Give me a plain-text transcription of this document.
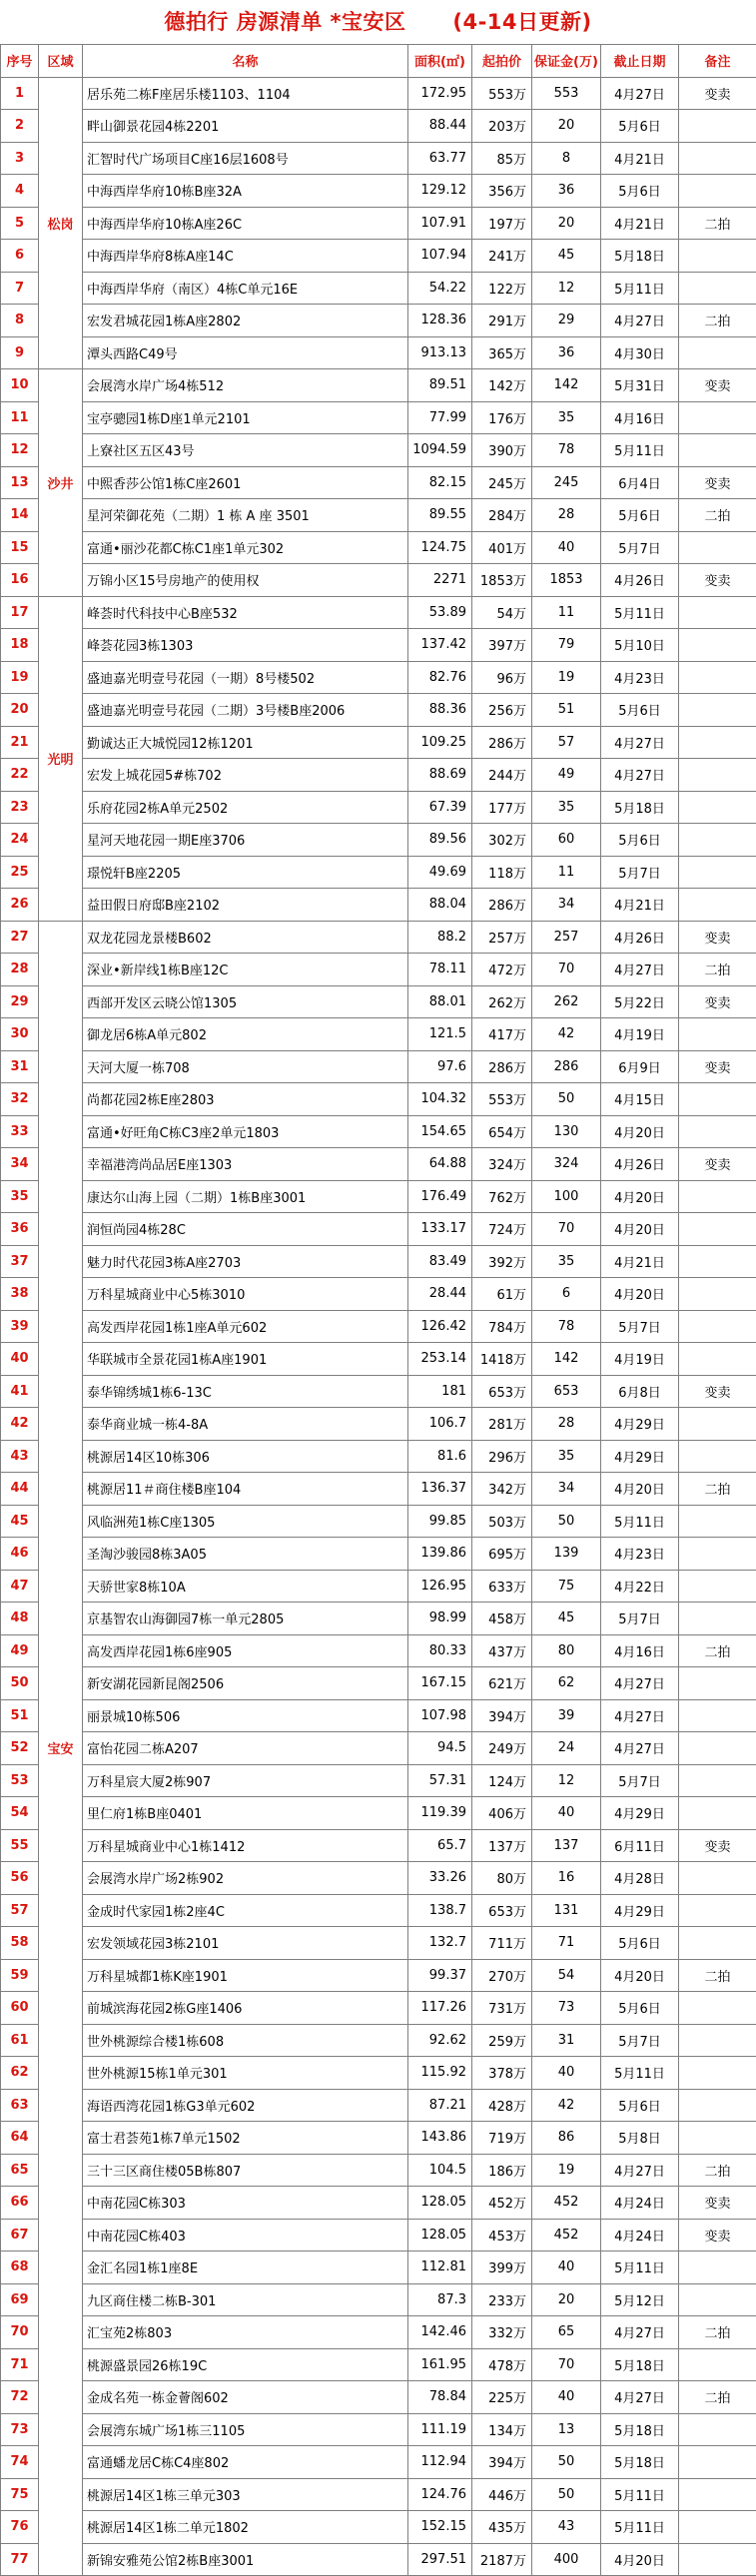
德拍行 房源清单 *宝安区      (4-14日更新)
序号	区域	名称	面积(㎡)	起拍价	保证金(万)	截止日期	备注
1	松岗	居乐苑二栋F座居乐楼1103、1104	172.95	553万	553	4月27日	变卖
2		畔山御景花园4栋2201	88.44	203万	20	5月6日	
3		汇智时代广场项目C座16层1608号	63.77	85万	8	4月21日	
4		中海西岸华府10栋B座32A	129.12	356万	36	5月6日	
5		中海西岸华府10栋A座26C	107.91	197万	20	4月21日	二拍
6		中海西岸华府8栋A座14C	107.94	241万	45	5月18日	
7		中海西岸华府（南区）4栋C单元16E	54.22	122万	12	5月11日	
8		宏发君城花园1栋A座2802	128.36	291万	29	4月27日	二拍
9		潭头西路C49号	913.13	365万	36	4月30日	
10	沙井	会展湾水岸广场4栋512	89.51	142万	142	5月31日	变卖
11		宝亭骢园1栋D座1单元2101	77.99	176万	35	4月16日	
12		上寮社区五区43号	1094.59	390万	78	5月11日	
13		中熙香莎公馆1栋C座2601	82.15	245万	245	6月4日	变卖
14		星河荣御花苑（二期）1 栋 A 座 3501	89.55	284万	28	5月6日	二拍
15		富通•丽沙花都C栋C1座1单元302	124.75	401万	40	5月7日	
16		万锦小区15号房地产的使用权	2271	1853万	1853	4月26日	变卖
17	光明	峰荟时代科技中心B座532	53.89	54万	11	5月11日	
18		峰荟花园3栋1303	137.42	397万	79	5月10日	
19		盛迪嘉光明壹号花园（一期）8号楼502	82.76	96万	19	4月23日	
20		盛迪嘉光明壹号花园（二期）3号楼B座2006	88.36	256万	51	5月6日	
21		勤诚达正大城悦园12栋1201	109.25	286万	57	4月27日	
22		宏发上城花园5#栋702	88.69	244万	49	4月27日	
23		乐府花园2栋A单元2502	67.39	177万	35	5月18日	
24		星河天地花园一期E座3706	89.56	302万	60	5月6日	
25		璟悦轩B座2205	49.69	118万	11	5月7日	
26		益田假日府邸B座2102	88.04	286万	34	4月21日	
27	宝安	双龙花园龙景楼B602	88.2	257万	257	4月26日	变卖
28		深业•新岸线1栋B座12C	78.11	472万	70	4月27日	二拍
29		西部开发区云晓公馆1305	88.01	262万	262	5月22日	变卖
30		御龙居6栋A单元802	121.5	417万	42	4月19日	
31		天河大厦一栋708	97.6	286万	286	6月9日	变卖
32		尚都花园2栋E座2803	104.32	553万	50	4月15日	
33		富通•好旺角C栋C3座2单元1803	154.65	654万	130	4月20日	
34		幸福港湾尚品居E座1303	64.88	324万	324	4月26日	变卖
35		康达尔山海上园（二期）1栋B座3001	176.49	762万	100	4月20日	
36		润恒尚园4栋28C	133.17	724万	70	4月20日	
37		魅力时代花园3栋A座2703	83.49	392万	35	4月21日	
38		万科星城商业中心5栋3010	28.44	61万	6	4月20日	
39		高发西岸花园1栋1座A单元602	126.42	784万	78	5月7日	
40		华联城市全景花园1栋A座1901	253.14	1418万	142	4月19日	
41		泰华锦绣城1栋6-13C	181	653万	653	6月8日	变卖
42		泰华商业城一栋4-8A	106.7	281万	28	4月29日	
43		桃源居14区10栋306	81.6	296万	35	4月29日	
44		桃源居11＃商住楼B座104	136.37	342万	34	4月20日	二拍
45		风临洲苑1栋C座1305	99.85	503万	50	5月11日	
46		圣淘沙骏园8栋3A05	139.86	695万	139	4月23日	
47		天骄世家8栋10A	126.95	633万	75	4月22日	
48		京基智农山海御园7栋一单元2805	98.99	458万	45	5月7日	
49		高发西岸花园1栋6座905	80.33	437万	80	4月16日	二拍
50		新安湖花园新昆阁2506	167.15	621万	62	4月27日	
51		丽景城10栋506	107.98	394万	39	4月27日	
52		富怡花园二栋A207	94.5	249万	24	4月27日	
53		万科星宸大厦2栋907	57.31	124万	12	5月7日	
54		里仁府1栋B座0401	119.39	406万	40	4月29日	
55		万科星城商业中心1栋1412	65.7	137万	137	6月11日	变卖
56		会展湾水岸广场2栋902	33.26	80万	16	4月28日	
57		金成时代家园1栋2座4C	138.7	653万	131	4月29日	
58		宏发领域花园3栋2101	132.7	711万	71	5月6日	
59		万科星城都1栋K座1901	99.37	270万	54	4月20日	二拍
60		前城滨海花园2栋G座1406	117.26	731万	73	5月6日	
61		世外桃源综合楼1栋608	92.62	259万	31	5月7日	
62		世外桃源15栋1单元301	115.92	378万	40	5月11日	
63		海语西湾花园1栋G3单元602	87.21	428万	42	5月6日	
64		富士君荟苑1栋7单元1502	143.86	719万	86	5月8日	
65		三十三区商住楼05B栋807	104.5	186万	19	4月27日	二拍
66		中南花园C栋303	128.05	452万	452	4月24日	变卖
67		中南花园C栋403	128.05	453万	452	4月24日	变卖
68		金汇名园1栋1座8E	112.81	399万	40	5月11日	
69		九区商住楼二栋B-301	87.3	233万	20	5月12日	
70		汇宝苑2栋803	142.46	332万	65	4月27日	二拍
71		桃源盛景园26栋19C	161.95	478万	70	5月18日	
72		金成名苑一栋金薈阁602	78.84	225万	40	4月27日	二拍
73		会展湾东城广场1栋三1105	111.19	134万	13	5月18日	
74		富通蟠龙居C栋C4座802	112.94	394万	50	5月18日	
75		桃源居14区1栋三单元303	124.76	446万	50	5月11日	
76		桃源居14区1栋二单元1802	152.15	435万	43	5月11日	
77		新锦安雅苑公馆2栋B座3001	297.51	2187万	400	4月20日	
